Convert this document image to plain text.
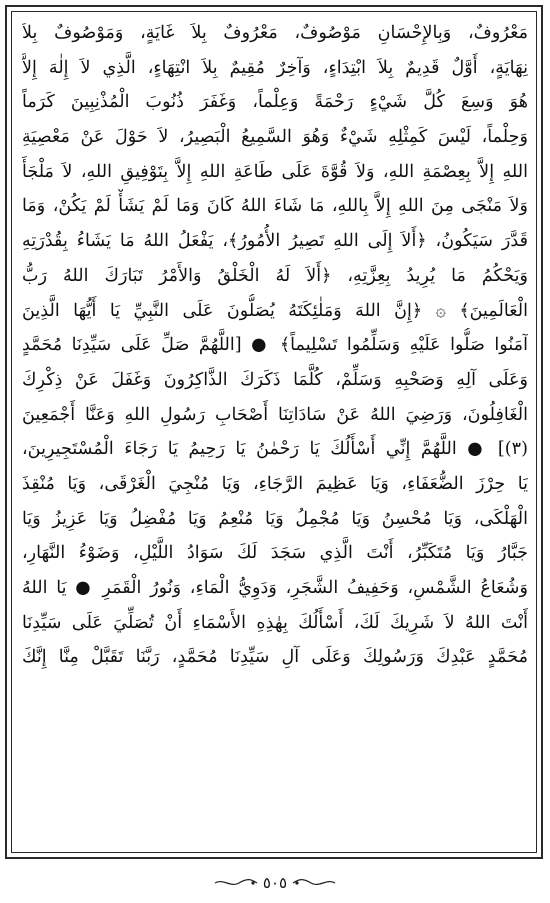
مَعْرُوفٌ، وَبِالإِحْسَانِ مَوْصُوفٌ، مَعْرُوفٌ بِلاَ غَايَةٍ، وَمَوْصُوفٌ بِلاَ
نِهَايَةٍ، أَوَّلٌ قَدِيمٌ بِلاَ ابْتِدَاءٍ، وَآخِرٌ مُقِيمٌ بِلاَ انْتِهَاءٍ، الَّذِي لاَ إِلٰهَ إِلاَّ
هُوَ وَسِعَ كُلَّ شَيْءٍ رَحْمَةً وَعِلْماً، وَغَفَرَ ذُنُوبَ الْمُذْنِبِينَ كَرَماً
وَحِلْماً، لَيْسَ كَمِثْلِهِ شَيْءٌ وَهُوَ السَّمِيعُ الْبَصِيرُ، لاَ حَوْلَ عَنْ مَعْصِيَةِ
اللهِ إِلاَّ بِعِصْمَةِ اللهِ، وَلاَ قُوَّةَ عَلَى طَاعَةِ اللهِ إِلاَّ بِتَوْفِيقِ اللهِ، لاَ مَلْجَأَ
وَلاَ مَنْجَى مِنَ اللهِ إِلاَّ بِاللهِ، مَا شَاءَ اللهُ كَانَ وَمَا لَمْ يَشَأْ لَمْ يَكُنْ، وَمَا
قَدَّرَ سَيَكُونُ، ﴿أَلاَ إِلَى اللهِ تَصِيرُ الأُمُورُ﴾، يَفْعَلُ اللهُ مَا يَشَاءُ بِقُدْرَتِهِ
وَيَحْكُمُ مَا يُرِيدُ بِعِزَّتِهِ، ﴿أَلاَ لَهُ الْخَلْقُ وَالأَمْرُ تَبَارَكَ اللهُ رَبُّ
الْعَالَمِينَ﴾ ۞ ﴿إِنَّ اللهَ وَمَلٰئِكَتَهُ يُصَلُّونَ عَلَى النَّبِيِّ يَا أَيُّهَا الَّذِينَ
آمَنُوا صَلُّوا عَلَيْهِ وَسَلِّمُوا تَسْلِيماً﴾ ● [اللَّهُمَّ صَلِّ عَلَى سَيِّدِنَا مُحَمَّدٍ
وَعَلَى آلِهِ وَصَحْبِهِ وَسَلِّمْ، كُلَّمَا ذَكَرَكَ الذَّاكِرُونَ وَغَفَلَ عَنْ ذِكْرِكَ
الْغَافِلُونَ، وَرَضِيَ اللهُ عَنْ سَادَاتِنَا أَصْحَابِ رَسُولِ اللهِ وَعَنَّا أَجْمَعِينَ
(٣)] ● اللَّهُمَّ إِنِّي أَسْأَلُكَ يَا رَحْمٰنُ يَا رَحِيمُ يَا رَجَاءَ الْمُسْتَجِيرِينَ،
يَا حِرْزَ الضُّعَفَاءِ، وَيَا عَظِيمَ الرَّجَاءِ، وَيَا مُنْجِيَ الْغَرْقَى، وَيَا مُنْقِذَ
الْهَلْكَى، وَيَا مُحْسِنُ وَيَا مُجْمِلُ وَيَا مُنْعِمُ وَيَا مُفْضِلُ وَيَا عَزِيزُ وَيَا
جَبَّارُ وَيَا مُتَكَبِّرُ، أَنْتَ الَّذِي سَجَدَ لَكَ سَوَادُ اللَّيْلِ، وَضَوْءُ النَّهَارِ،
وَشُعَاعُ الشَّمْسِ، وَحَفِيفُ الشَّجَرِ، وَدَوِيُّ الْمَاءِ، وَنُورُ الْقَمَرِ ● يَا اللهُ
أَنْتَ اللهُ لاَ شَرِيكَ لَكَ، أَسْأَلُكَ بِهٰذِهِ الأَسْمَاءِ أَنْ تُصَلِّيَ عَلَى سَيِّدِنَا
مُحَمَّدٍ عَبْدِكَ وَرَسُولِكَ وَعَلَى آلِ سَيِّدِنَا مُحَمَّدٍ، رَبَّنَا تَقَبَّلْ مِنَّا إِنَّكَ
٥٠٥
